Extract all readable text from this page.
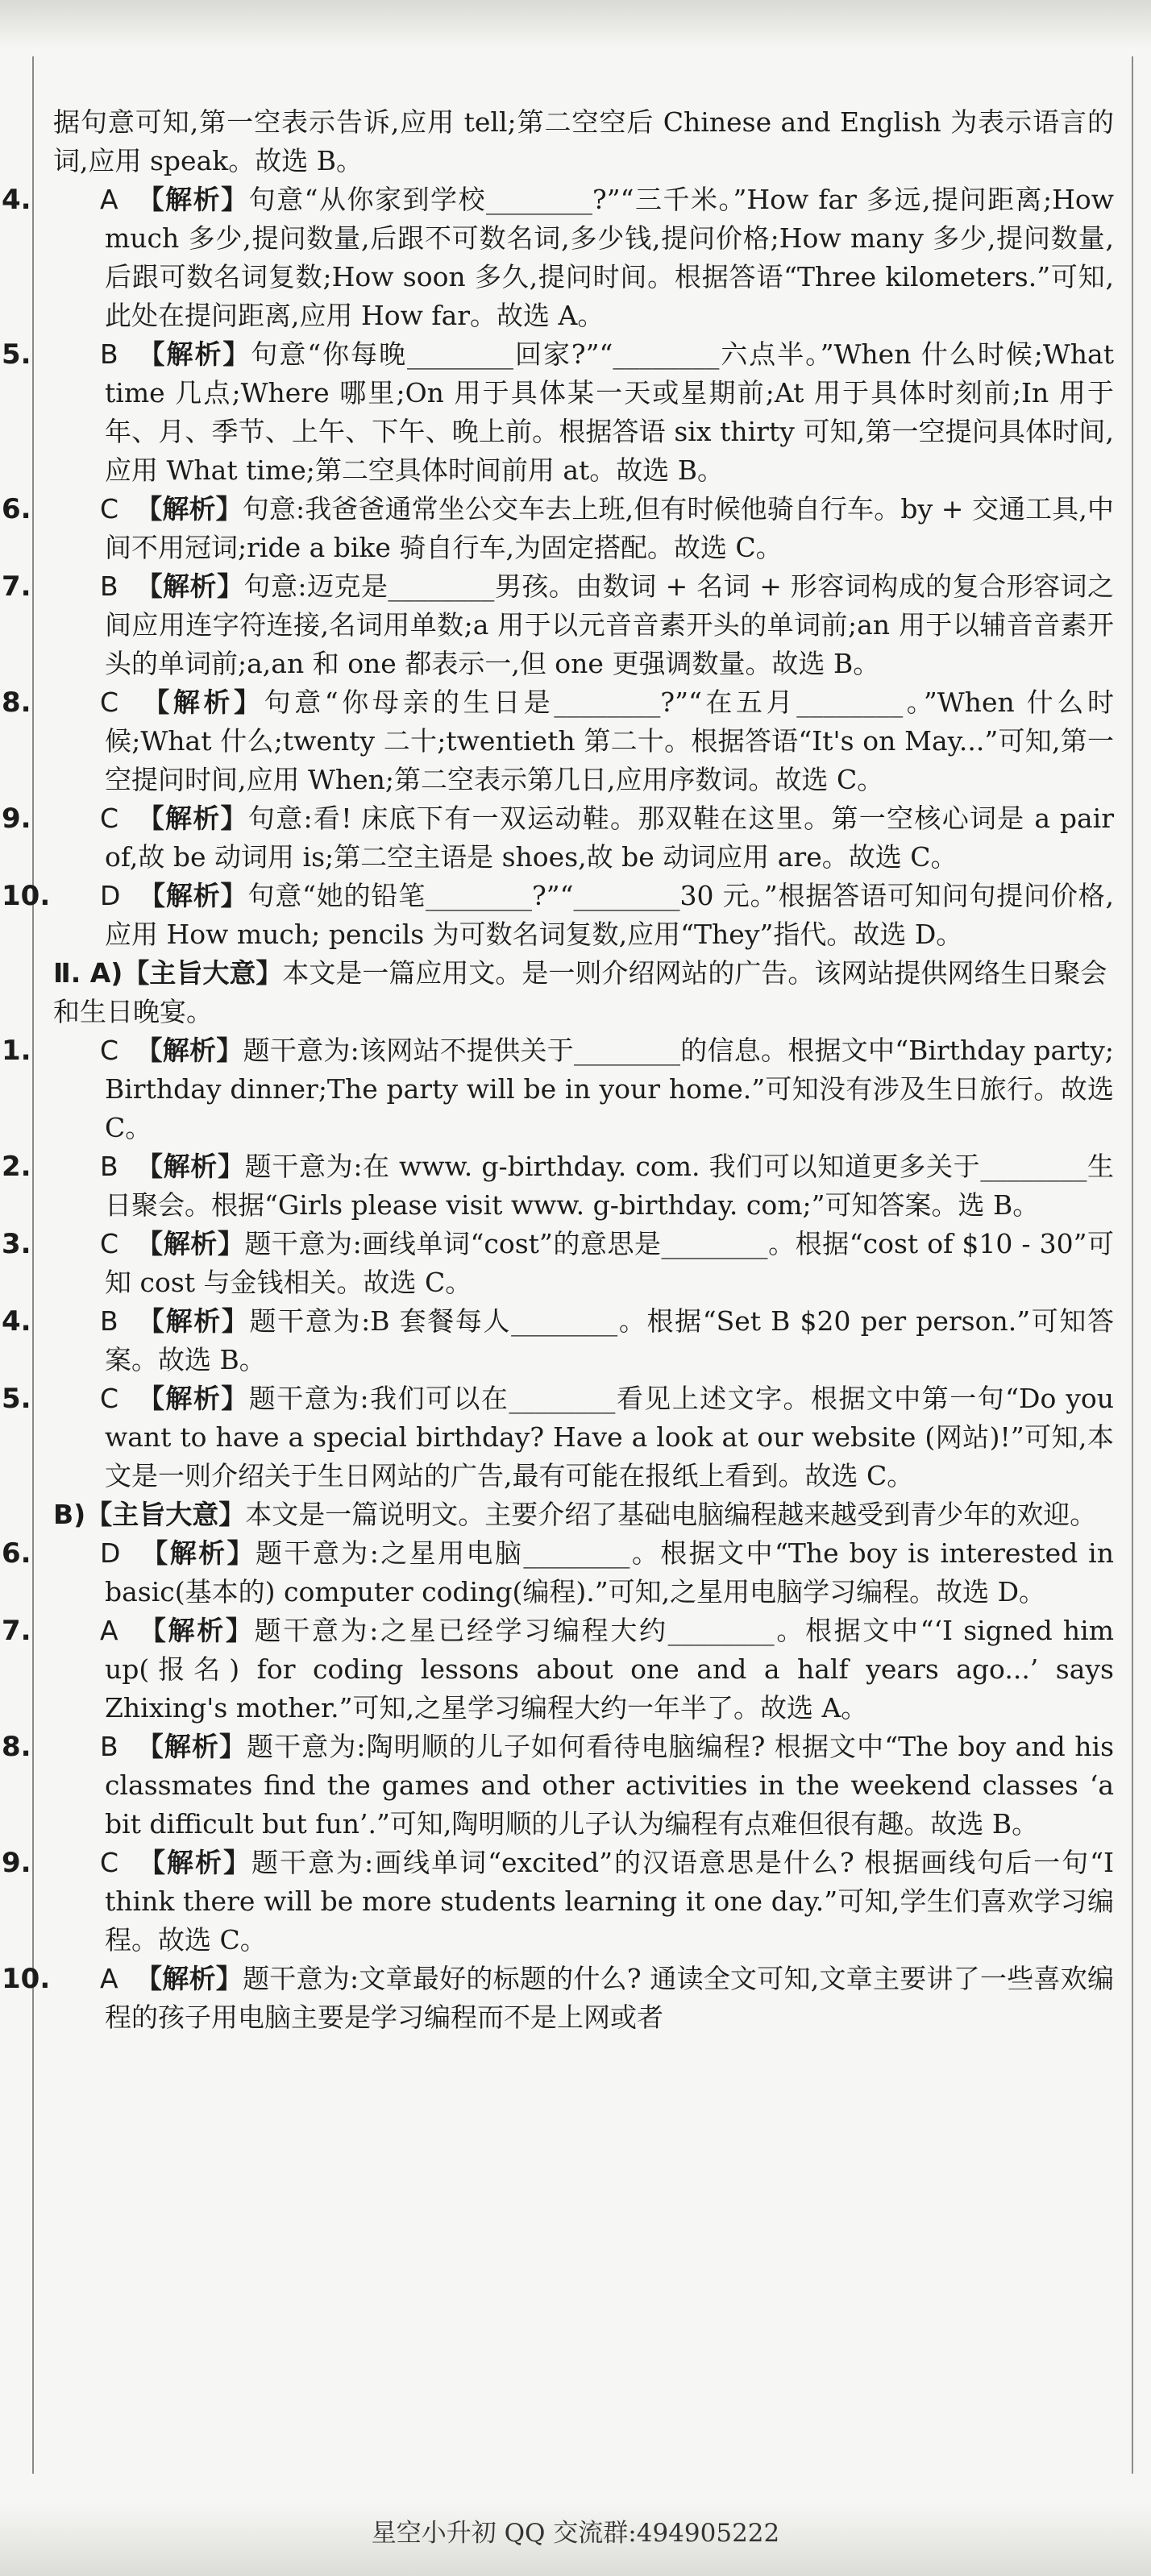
据句意可知,第一空表示告诉,应用 tell;第二空空后 Chinese and English 为表示语言的词,应用 speak。故选 B。

4.	A 【解析】句意“从你家到学校________?”“三千米。”How far 多远,提问距离;How much 多少,提问数量,后跟不可数名词,多少钱,提问价格;How many 多少,提问数量,后跟可数名词复数;How soon 多久,提问时间。根据答语“Three kilometers.”可知,此处在提问距离,应用 How far。故选 A。

5.	B 【解析】句意“你每晚________回家?”“________六点半。”When 什么时候;What time 几点;Where 哪里;On 用于具体某一天或星期前;At 用于具体时刻前;In 用于年、月、季节、上午、下午、晚上前。根据答语 six thirty 可知,第一空提问具体时间,应用 What time;第二空具体时间前用 at。故选 B。

6.	C 【解析】句意:我爸爸通常坐公交车去上班,但有时候他骑自行车。by + 交通工具,中间不用冠词;ride a bike 骑自行车,为固定搭配。故选 C。

7.	B 【解析】句意:迈克是________男孩。由数词 + 名词 + 形容词构成的复合形容词之间应用连字符连接,名词用单数;a 用于以元音音素开头的单词前;an 用于以辅音音素开头的单词前;a,an 和 one 都表示一,但 one 更强调数量。故选 B。

8.	C 【解析】句意“你母亲的生日是________?”“在五月________。”When 什么时候;What 什么;twenty 二十;twentieth 第二十。根据答语“It's on May...”可知,第一空提问时间,应用 When;第二空表示第几日,应用序数词。故选 C。

9.	C 【解析】句意:看! 床底下有一双运动鞋。那双鞋在这里。第一空核心词是 a pair of,故 be 动词用 is;第二空主语是 shoes,故 be 动词应用 are。故选 C。

10. D 【解析】句意“她的铅笔________?”“________30 元。”根据答语可知问句提问价格,应用 How much; pencils 为可数名词复数,应用“They”指代。故选 D。

Ⅱ. A)【主旨大意】本文是一篇应用文。是一则介绍网站的广告。该网站提供网络生日聚会和生日晚宴。

1.	C 【解析】题干意为:该网站不提供关于________的信息。根据文中“Birthday party; Birthday dinner;The party will be in your home.”可知没有涉及生日旅行。故选 C。

2.	B 【解析】题干意为:在 www. g-birthday. com. 我们可以知道更多关于________生日聚会。根据“Girls please visit www. g-birthday. com;”可知答案。选 B。

3.	C 【解析】题干意为:画线单词“cost”的意思是________。根据“cost of $10 - 30”可知 cost 与金钱相关。故选 C。

4.	B 【解析】题干意为:B 套餐每人________。根据“Set B $20 per person.”可知答案。故选 B。

5.	C 【解析】题干意为:我们可以在________看见上述文字。根据文中第一句“Do you want to have a special birthday? Have a look at our website (网站)!”可知,本文是一则介绍关于生日网站的广告,最有可能在报纸上看到。故选 C。

B)【主旨大意】本文是一篇说明文。主要介绍了基础电脑编程越来越受到青少年的欢迎。

6.	D 【解析】题干意为:之星用电脑________。根据文中“The boy is interested in basic(基本的) computer coding(编程).”可知,之星用电脑学习编程。故选 D。

7.	A 【解析】题干意为:之星已经学习编程大约________。根据文中“‘I signed him up(报名) for coding lessons about one and a half years ago...’ says Zhixing's mother.”可知,之星学习编程大约一年半了。故选 A。

8.	B 【解析】题干意为:陶明顺的儿子如何看待电脑编程? 根据文中“The boy and his classmates find the games and other activities in the weekend classes ‘a bit difficult but fun’.”可知,陶明顺的儿子认为编程有点难但很有趣。故选 B。

9.	C 【解析】题干意为:画线单词“excited”的汉语意思是什么? 根据画线句后一句“I think there will be more students learning it one day.”可知,学生们喜欢学习编程。故选 C。

10. A 【解析】题干意为:文章最好的标题的什么? 通读全文可知,文章主要讲了一些喜欢编程的孩子用电脑主要是学习编程而不是上网或者

星空小升初 QQ 交流群:494905222
